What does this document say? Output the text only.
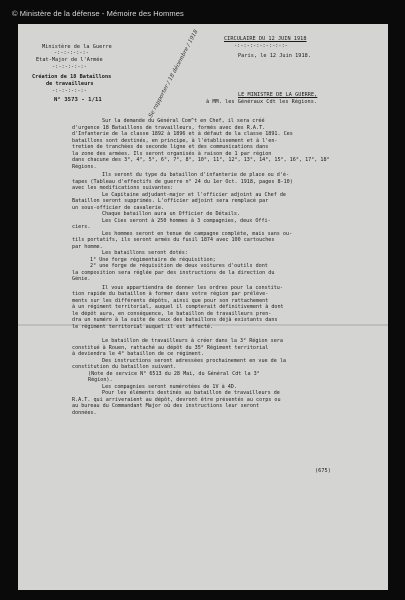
© Ministère de la défense - Mémoire des Hommes
Ministère de la Guerre
-:-:-:-:-:-
Etat-Major de l'Armée
-:-:-:-:-:-
Création de 18 Bataillons
de travailleurs
-:-:-:-:-:-
N° 3573 - 1/11
CIRCULAIRE DU 12 JUIN 1918
-:-:-:-:-:-:-:-:-
Paris, le 12 Juin 1918.
LE MINISTRE DE LA GUERRE,
à MM. les Généraux Cdt les Régions.
Se rapporter / 18 décembre / 1918
Sur la demande du Général Com^t en Chef, il sera créé
d'urgence 18 Bataillons de travailleurs, formés avec des R.A.T.
d'Infanterie de la classe 1892 à 1896 et à défaut de la classe 1891. Ces
bataillons sont destinés, en principe, à l'établissement et à l'en-
tretien de tranchées de seconde ligne et des communications dans
la zone des armées. Ils seront organisés à raison de 1 par région
dans chacune des 3°, 4°, 5°, 6°, 7°, 8°, 10°, 11°, 12°, 13°, 14°, 15°, 16°, 17°, 18°
Régions.
Ils seront du type du bataillon d'infanterie de place ou d'é-
tapes (Tableau d'effectifs de guerre n° 24 du 1er Oct. 1918, pages 8-10)
avec les modifications suivantes:
Le Capitaine adjudant-major et l'officier adjoint au Chef de
Bataillon seront supprimés. L'officier adjoint sera remplacé par
un sous-officier de cavalerie.
Chaque bataillon aura un Officier de Détails.
Les Cies seront à 250 hommes à 3 compagnies, deux Offi-
ciers.
Les hommes seront en tenue de campagne complète, mais sans ou-
tils portatifs, ils seront armés du fusil 1874 avec 100 cartouches
par homme.
Les bataillons seront dotés:
1° Une forge régimentaire de réquisition;
2° une forge de réquisition de deux voitures d'outils dont
la composition sera réglée par des instructions de la direction du
Génie.
Il vous appartiendra de donner les ordres pour la constitu-
tion rapide du bataillon à former dans votre région par prélève-
ments sur les différents dépôts, ainsi que pour son rattachement
à un régiment territorial, auquel il compterait définitivement à dont
le dépôt aura, en conséquence, le bataillon de travailleurs pren-
dra un numéro à la suite de ceux des bataillons déjà existants dans
le régiment territorial auquel il est affecté.
Le bataillon de travailleurs à créer dans la 3° Région sera
constitué à Rouen, rattaché au dépôt du 35° Régiment territorial
à deviendra le 4° bataillon de ce régiment.
Des instructions seront adressées prochainement en vue de la
constitution du bataillon suivant.
(Note de service N° 6513 du 28 Mai, du Général Cdt la 3°
Région).
Les compagnies seront numérotées de 1V à 4D.
Pour les éléments destinés au bataillon de travailleurs de
R.A.T. qui arriveraient au dépôt, devront être présentés au corps ou
au bureau du Commandant Major où des instructions leur seront
données.
(675)
